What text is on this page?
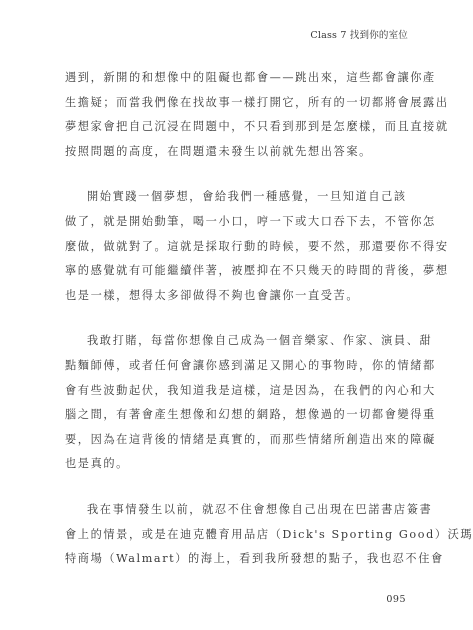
Class 7 找到你的室位
遇到，新開的和想像中的阻礙也都會——跳出來，這些都會讓你產
生擔疑；而當我們像在找故事一樣打開它，所有的一切都將會展露出
夢想家會把自己沉浸在問題中，不只看到那到是怎麼樣，而且直接就
按照問題的高度，在問題還未發生以前就先想出答案。
開始實踐一個夢想，會給我們一種感覺，一旦知道自己該
做了，就是開始動筆，喝一小口，哼一下或大口吞下去，不管你怎
麼做，做就對了。這就是採取行動的時候，要不然，那還要你不得安
寧的感覺就有可能繼續伴著，被壓抑在不只幾天的時間的背後，夢想
也是一樣，想得太多卻做得不夠也會讓你一直受苦。
我敢打賭，每當你想像自己成為一個音樂家、作家、演員、甜
點麵師傅，或者任何會讓你感到滿足又開心的事物時，你的情緒都
會有些波動起伏，我知道我是這樣，這是因為，在我們的內心和大
腦之間，有著會產生想像和幻想的網路，想像過的一切都會變得重
要，因為在這背後的情緒是真實的，而那些情緒所創造出來的障礙
也是真的。
我在事情發生以前，就忍不住會想像自己出現在巴諾書店簽書
會上的情景，或是在迪克體育用品店（Dick's Sporting Good）沃瑪
特商場（Walmart）的海上，看到我所發想的點子，我也忍不住會
095
